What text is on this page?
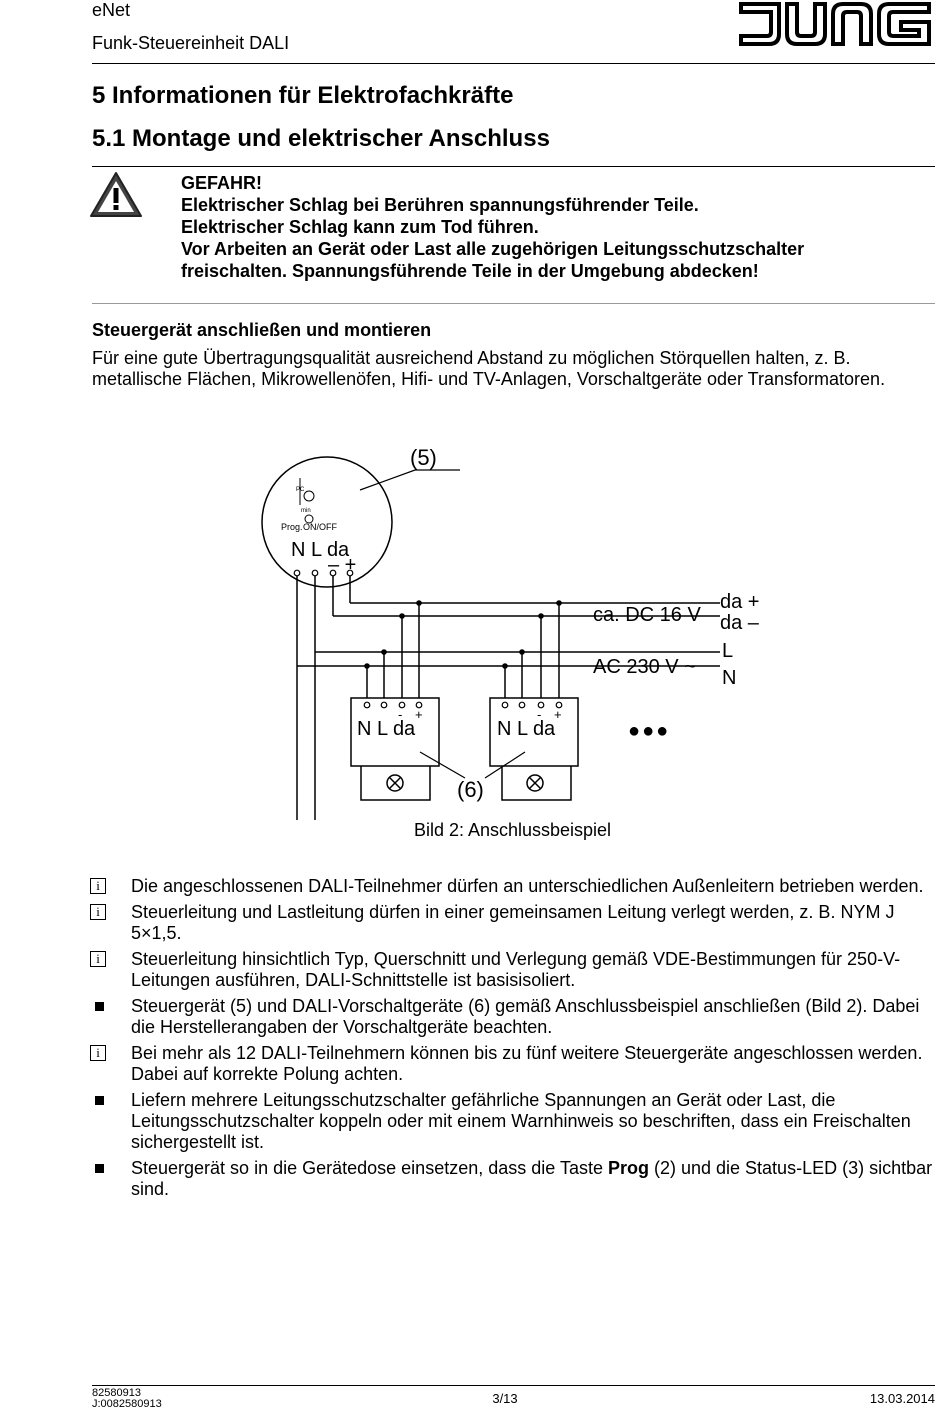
eNet
Funk-Steuereinheit DALI
5 Informationen für Elektrofachkräfte
5.1 Montage und elektrischer Anschluss
GEFAHR!
Elektrischer Schlag bei Berühren spannungsführender Teile.
Elektrischer Schlag kann zum Tod führen.
Vor Arbeiten an Gerät oder Last alle zugehörigen Leitungsschutzschalter freischalten. Spannungsführende Teile in der Umgebung abdecken!
Steuergerät anschließen und montieren
Für eine gute Übertragungsqualität ausreichend Abstand zu möglichen Störquellen halten, z. B. metallische Flächen, Mikrowellenöfen, Hifi- und TV-Anlagen, Vorschaltgeräte oder Transformatoren.
(5)
PC
min
Prog. ON/OFF
N L da
– +
ca. DC 16 V
AC 230 V ~
da +
da –
L
N
- +
N L da
- +
N L da	●●●
(6)
Bild 2: Anschlussbeispiel
i	Die angeschlossenen DALI-Teilnehmer dürfen an unterschiedlichen Außenleitern betrieben werden.
i	Steuerleitung und Lastleitung dürfen in einer gemeinsamen Leitung verlegt werden, z. B. NYM J 5×1,5.
i	Steuerleitung hinsichtlich Typ, Querschnitt und Verlegung gemäß VDE-Bestimmungen für 250-V-Leitungen ausführen, DALI-Schnittstelle ist basisisoliert.
Steuergerät (5) und DALI-Vorschaltgeräte (6) gemäß Anschlussbeispiel anschließen (Bild 2). Dabei die Herstellerangaben der Vorschaltgeräte beachten.
i	Bei mehr als 12 DALI-Teilnehmern können bis zu fünf weitere Steuergeräte angeschlossen werden. Dabei auf korrekte Polung achten.
Liefern mehrere Leitungsschutzschalter gefährliche Spannungen an Gerät oder Last, die Leitungsschutzschalter koppeln oder mit einem Warnhinweis so beschriften, dass ein Freischalten sichergestellt ist.
Steuergerät so in die Gerätedose einsetzen, dass die Taste Prog (2) und die Status-LED (3) sichtbar sind.
82580913
J:0082580913	3/13	13.03.2014
